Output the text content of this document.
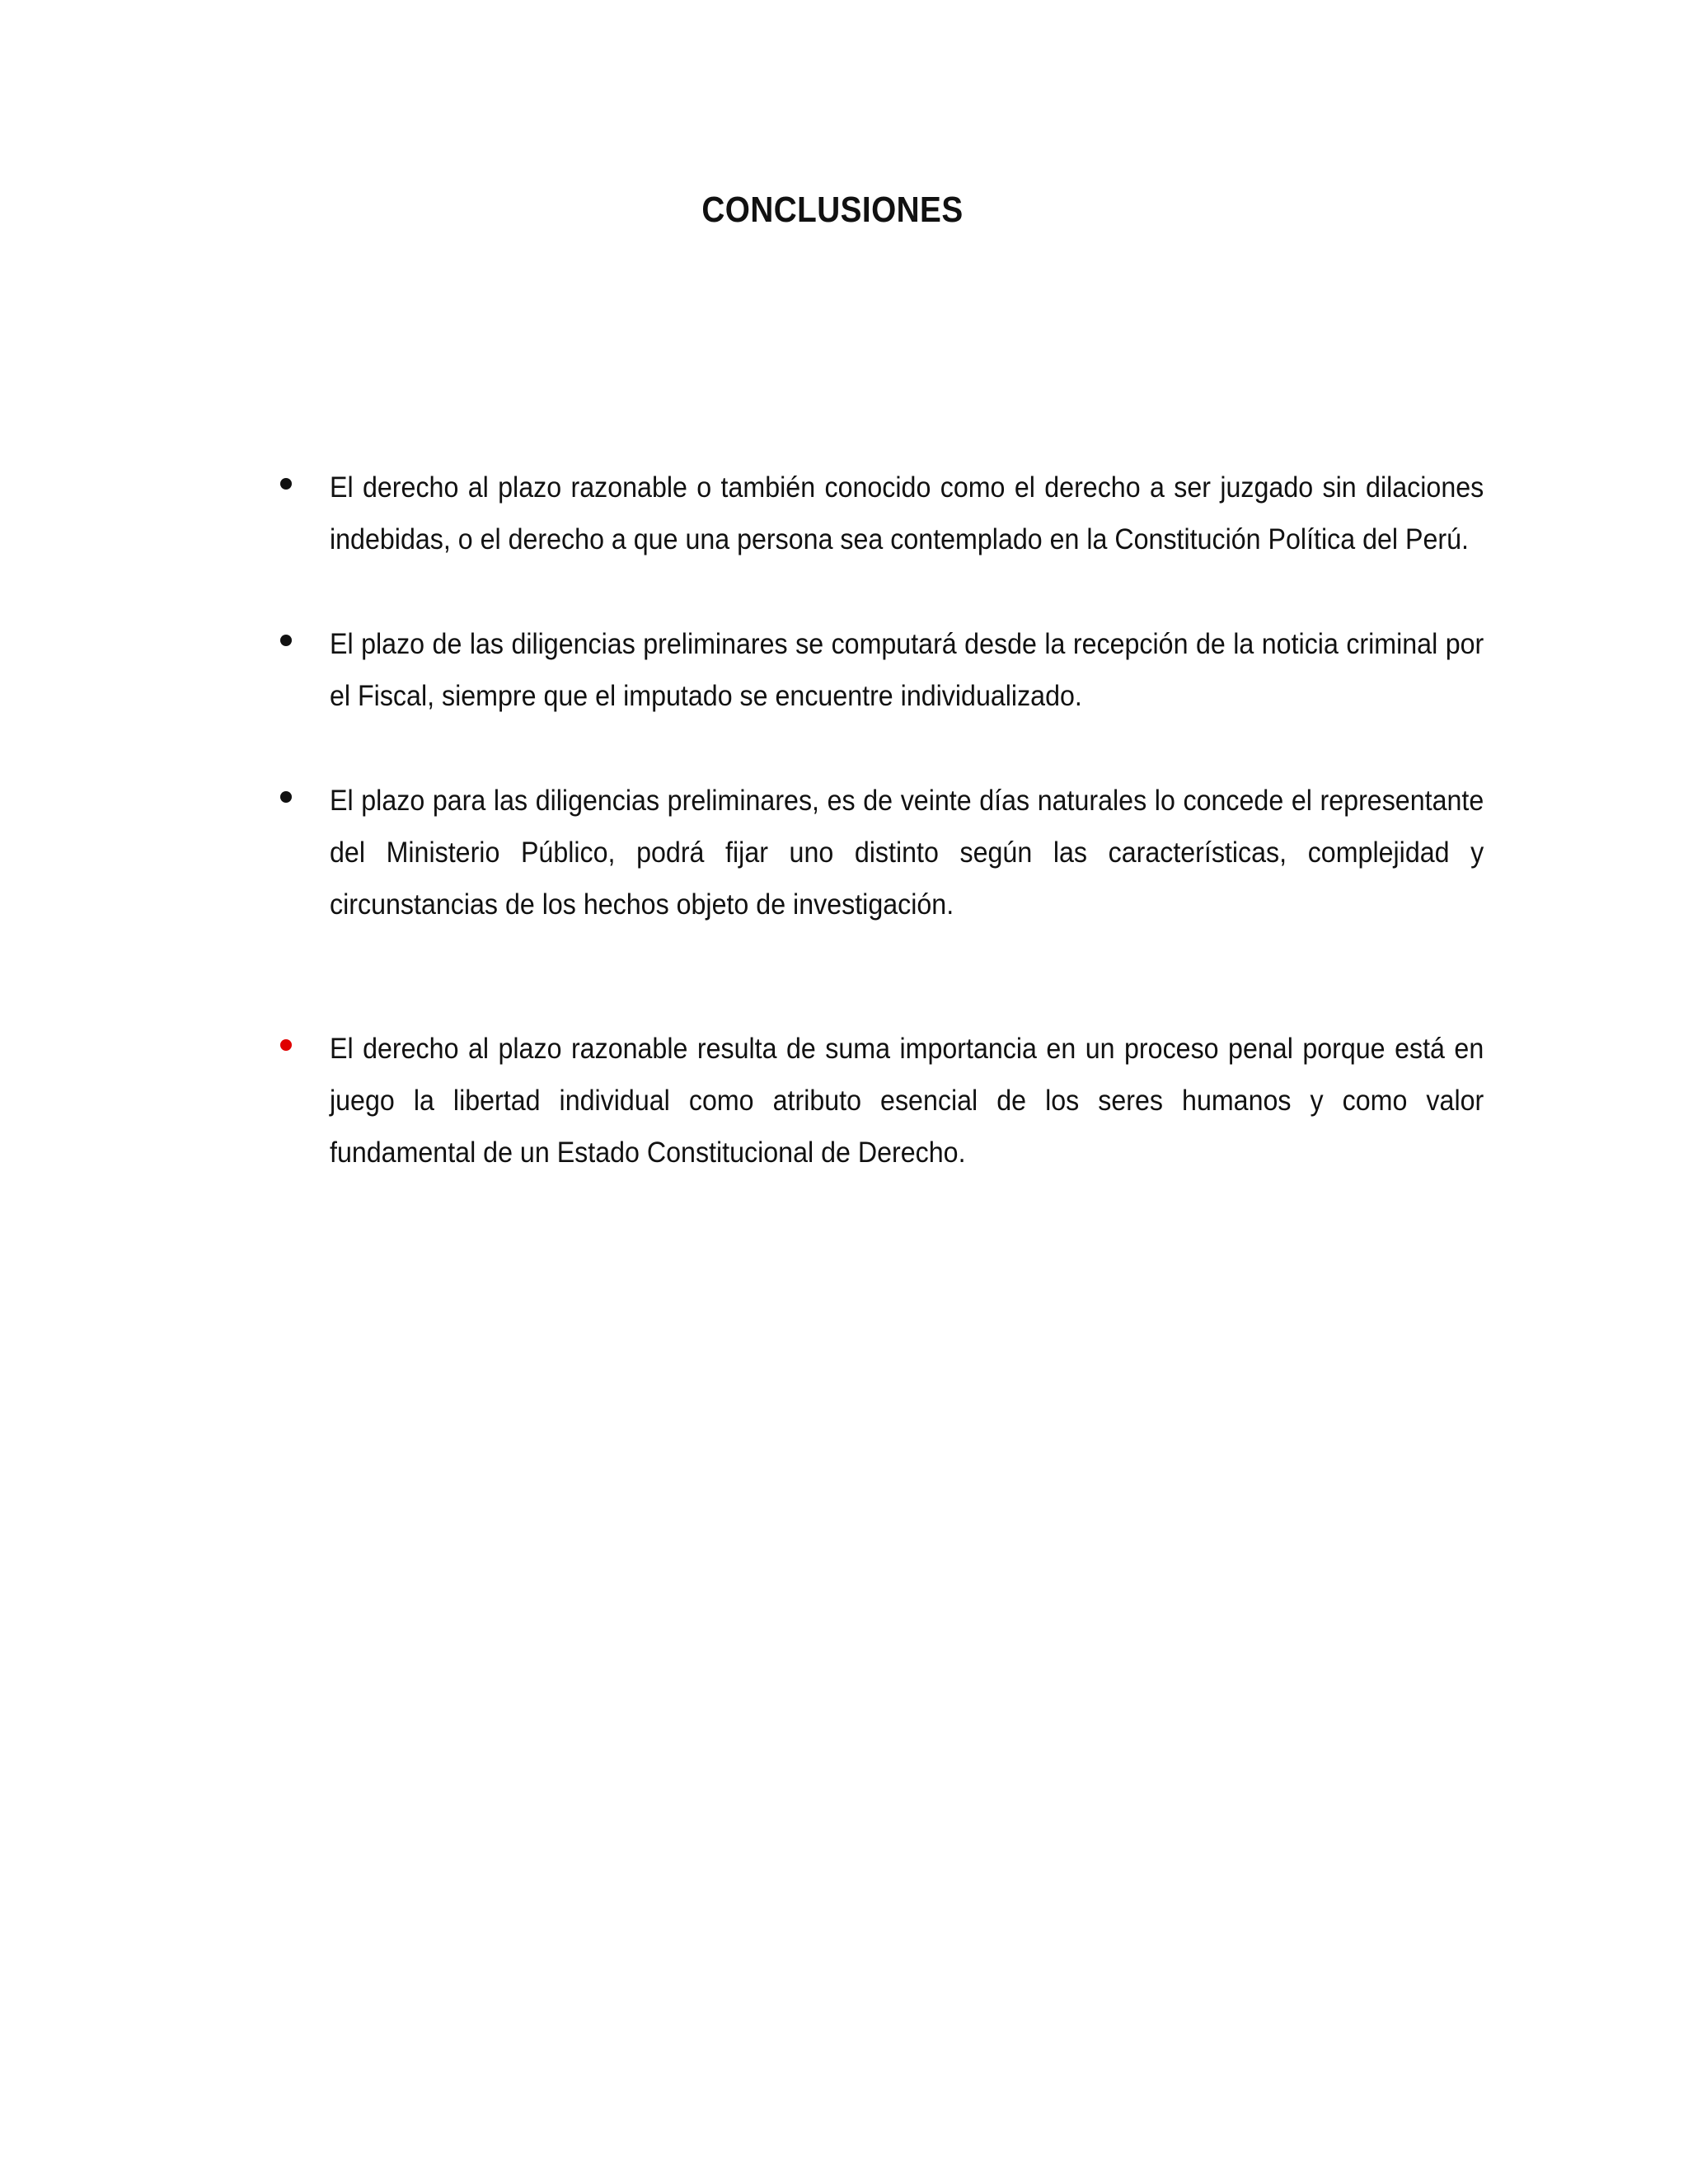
CONCLUSIONES
El derecho al plazo razonable o también conocido como el derecho a ser juzgado sin dilaciones indebidas, o el derecho a que una persona sea contemplado en la Constitución Política del Perú.
El plazo de las diligencias preliminares se computará desde la recepción de la noticia criminal por el Fiscal, siempre que el imputado se encuentre individualizado.
El plazo para las diligencias preliminares, es de veinte días naturales lo concede el representante del Ministerio Público, podrá fijar uno distinto según las características, complejidad y circunstancias de los hechos objeto de investigación.
El derecho al plazo razonable resulta de suma importancia en un proceso penal porque está en juego la libertad individual como atributo esencial de los seres humanos y como valor fundamental de un Estado Constitucional de Derecho.
